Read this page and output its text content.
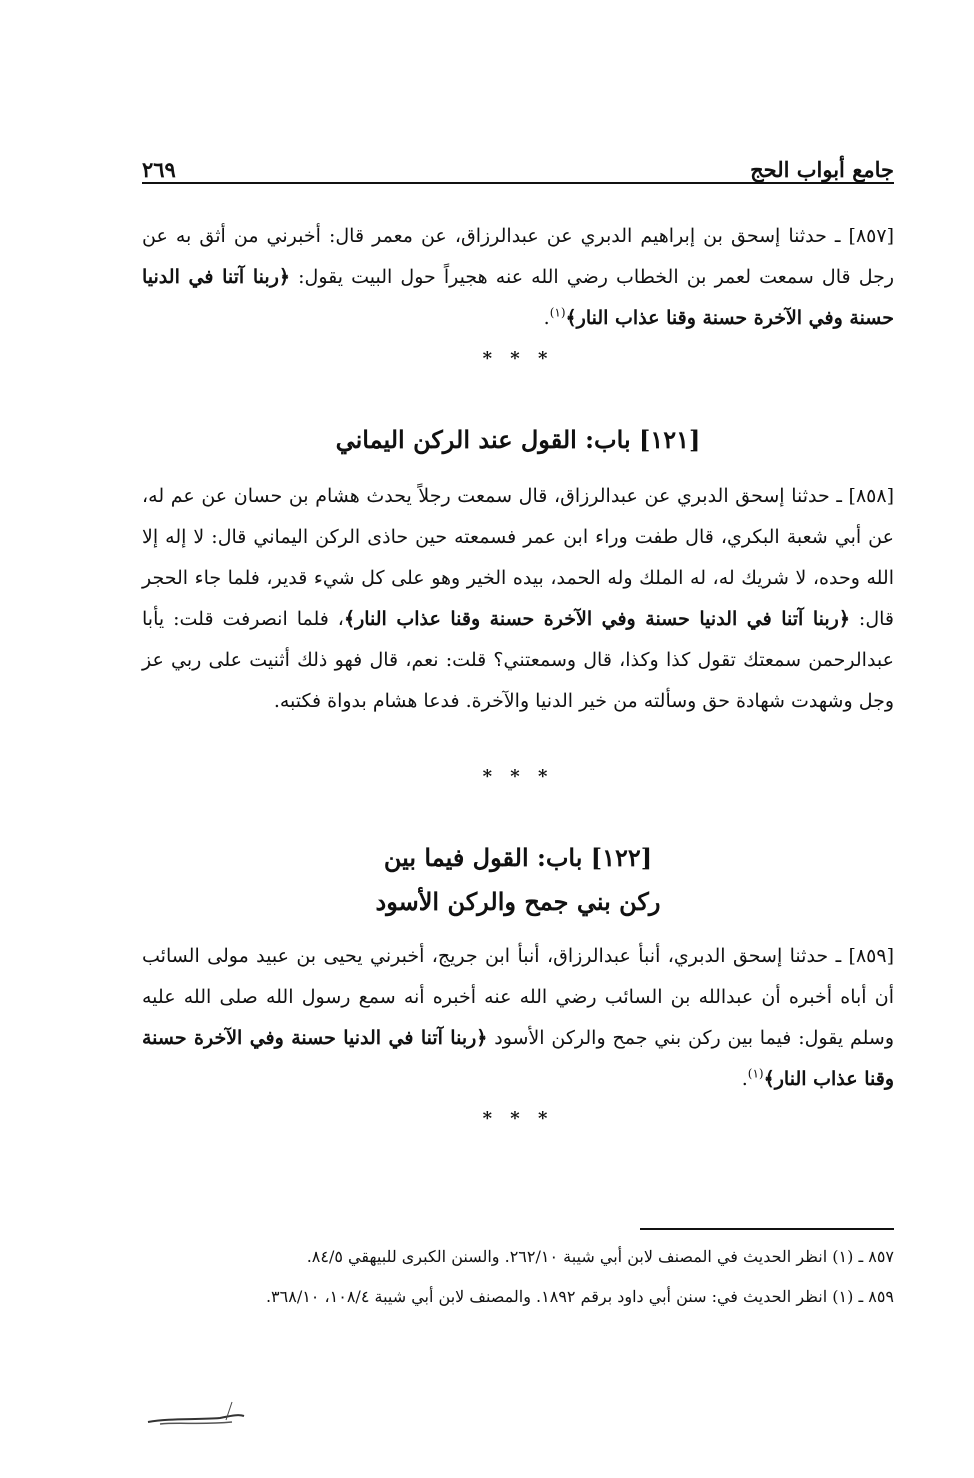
جامع أبواب الحج
٢٦٩
[٨٥٧] ـ حدثنا إسحق بن إبراهيم الدبري عن عبدالرزاق، عن معمر قال: أخبرني من أثق به عن رجل قال سمعت لعمر بن الخطاب رضي الله عنه هجيراً حول البيت يقول: ﴿ربنا آتنا في الدنيا حسنة وفي الآخرة حسنة وقنا عذاب النار﴾$^{(١)}$.
* * *
[١٢١] باب: القول عند الركن اليماني
[٨٥٨] ـ حدثنا إسحق الدبري عن عبدالرزاق، قال سمعت رجلاً يحدث هشام بن حسان عن عم له، عن أبي شعبة البكري، قال طفت وراء ابن عمر فسمعته حين حاذى الركن اليماني قال: لا إله إلا الله وحده، لا شريك له، له الملك وله الحمد، بيده الخير وهو على كل شيء قدير، فلما جاء الحجر قال: ﴿ربنا آتنا في الدنيا حسنة وفي الآخرة حسنة وقنا عذاب النار﴾، فلما انصرفت قلت: يأبا عبدالرحمن سمعتك تقول كذا وكذا، قال وسمعتني؟ قلت: نعم، قال فهو ذلك أثنيت على ربي عز وجل وشهدت شهادة حق وسألته من خير الدنيا والآخرة. فدعا هشام بدواة فكتبه.
* * *
[١٢٢] باب: القول فيما بين
ركن بني جمح والركن الأسود
[٨٥٩] ـ حدثنا إسحق الدبري، أنبأ عبدالرزاق، أنبأ ابن جريج، أخبرني يحيى بن عبيد مولى السائب أن أباه أخبره أن عبدالله بن السائب رضي الله عنه أخبره أنه سمع رسول الله صلى الله عليه وسلم يقول: فيما بين ركن بني جمح والركن الأسود ﴿ربنا آتنا في الدنيا حسنة وفي الآخرة حسنة وقنا عذاب النار﴾$^{(١)}$.
* * *
٨٥٧ ـ (١) انظر الحديث في المصنف لابن أبي شيبة ٢٦٢/١٠. والسنن الكبرى للبيهقي ٨٤/٥.
٨٥٩ ـ (١) انظر الحديث في: سنن أبي داود برقم ١٨٩٢. والمصنف لابن أبي شيبة ١٠٨/٤، ٣٦٨/١٠.
